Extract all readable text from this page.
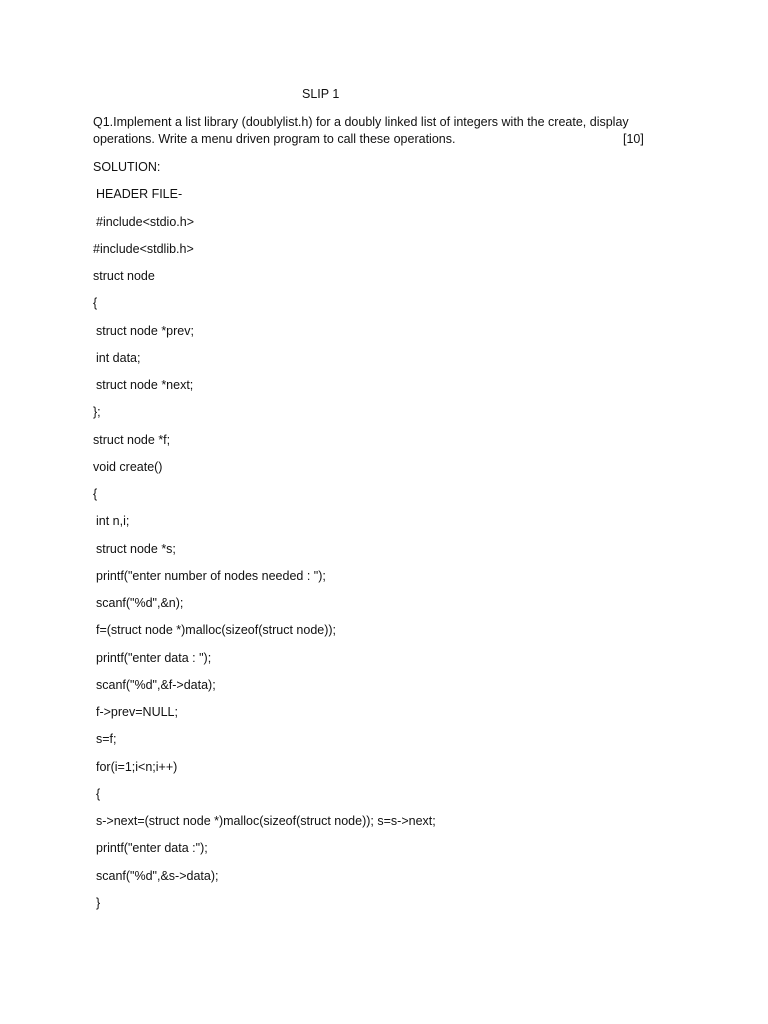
SLIP 1
Q1.Implement a list library (doublylist.h) for a doubly linked list of integers with the create, display
operations. Write a menu driven program to call these operations.	[10]
SOLUTION:
HEADER FILE-
#include<stdio.h>
#include<stdlib.h>
struct node
{
struct node *prev;
int data;
struct node *next;
};
struct node *f;
void create()
{
int n,i;
struct node *s;
printf("enter number of nodes needed : ");
scanf("%d",&n);
f=(struct node *)malloc(sizeof(struct node));
printf("enter data : ");
scanf("%d",&f->data);
f->prev=NULL;
s=f;
for(i=1;i<n;i++)
{
s->next=(struct node *)malloc(sizeof(struct node)); s=s->next;
printf("enter data :");
scanf("%d",&s->data);
}
